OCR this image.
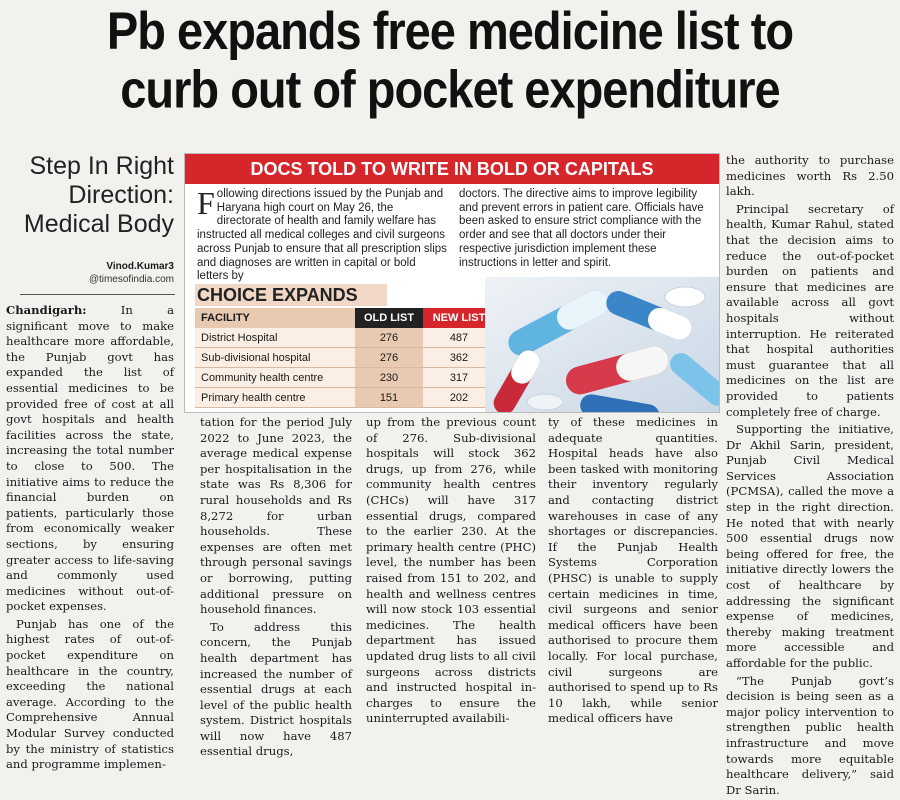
Pb expands free medicine list to
curb out of pocket expenditure
Step In Right
Direction:
Medical Body
Vinod.Kumar3
@timesofindia.com

Chandigarh: In a significant move to make healthcare more affordable, the Punjab govt has expanded the list of essential medicines to be provided free of cost at all govt hospitals and health facilities across the state, increasing the total number to close to 500. The initiative aims to reduce the financial burden on patients, particularly those from economically weaker sections, by ensuring greater access to life-saving and commonly used medicines without out-of-pocket expenses.

Punjab has one of the highest rates of out-of-pocket expenditure on healthcare in the country, exceeding the national average. According to the Comprehensive Annual Modular Survey conducted by the ministry of statistics and programme implemen-

DOCS TOLD TO WRITE IN BOLD OR CAPITALS
Following directions issued by the Punjab and Haryana high court on May 26, the directorate of health and family welfare has instructed all medical colleges and civil surgeons across Punjab to ensure that all prescription slips and diagnoses are written in capital or bold letters by
doctors. The directive aims to improve legibility and prevent errors in patient care. Officials have been asked to ensure strict compliance with the order and see that all doctors under their respective jurisdiction implement these instructions in letter and spirit.
CHOICE EXPANDS
FACILITY	OLD LIST	NEW LIST
District Hospital	276	487
Sub-divisional hospital	276	362
Community health centre	230	317
Primary health centre	151	202

tation for the period July 2022 to June 2023, the average medical expense per hospitalisation in the state was Rs 8,306 for rural households and Rs 8,272 for urban households. These expenses are often met through personal savings or borrowing, putting additional pressure on household finances.

To address this concern, the Punjab health department has increased the number of essential drugs at each level of the public health system. District hospitals will now have 487 essential drugs,

up from the previous count of 276. Sub-divisional hospitals will stock 362 drugs, up from 276, while community health centres (CHCs) will have 317 essential drugs, compared to the earlier 230. At the primary health centre (PHC) level, the number has been raised from 151 to 202, and health and wellness centres will now stock 103 essential medicines. The health department has issued updated drug lists to all civil surgeons across districts and instructed hospital in-charges to ensure the uninterrupted availabili-

ty of these medicines in adequate quantities. Hospital heads have also been tasked with monitoring their inventory regularly and contacting district warehouses in case of any shortages or discrepancies. If the Punjab Health Systems Corporation (PHSC) is unable to supply certain medicines in time, civil surgeons and senior medical officers have been authorised to procure them locally. For local purchase, civil surgeons are authorised to spend up to Rs 10 lakh, while senior medical officers have

the authority to purchase medicines worth Rs 2.50 lakh.

Principal secretary of health, Kumar Rahul, stated that the decision aims to reduce the out-of-pocket burden on patients and ensure that medicines are available across all govt hospitals without interruption. He reiterated that hospital authorities must guarantee that all medicines on the list are provided to patients completely free of charge.

Supporting the initiative, Dr Akhil Sarin, president, Punjab Civil Medical Services Association (PCMSA), called the move a step in the right direction. He noted that with nearly 500 essential drugs now being offered for free, the initiative directly lowers the cost of healthcare by addressing the significant expense of medicines, thereby making treatment more accessible and affordable for the public.

“The Punjab govt’s decision is being seen as a major policy intervention to strengthen public health infrastructure and move towards more equitable healthcare delivery,” said Dr Sarin.
